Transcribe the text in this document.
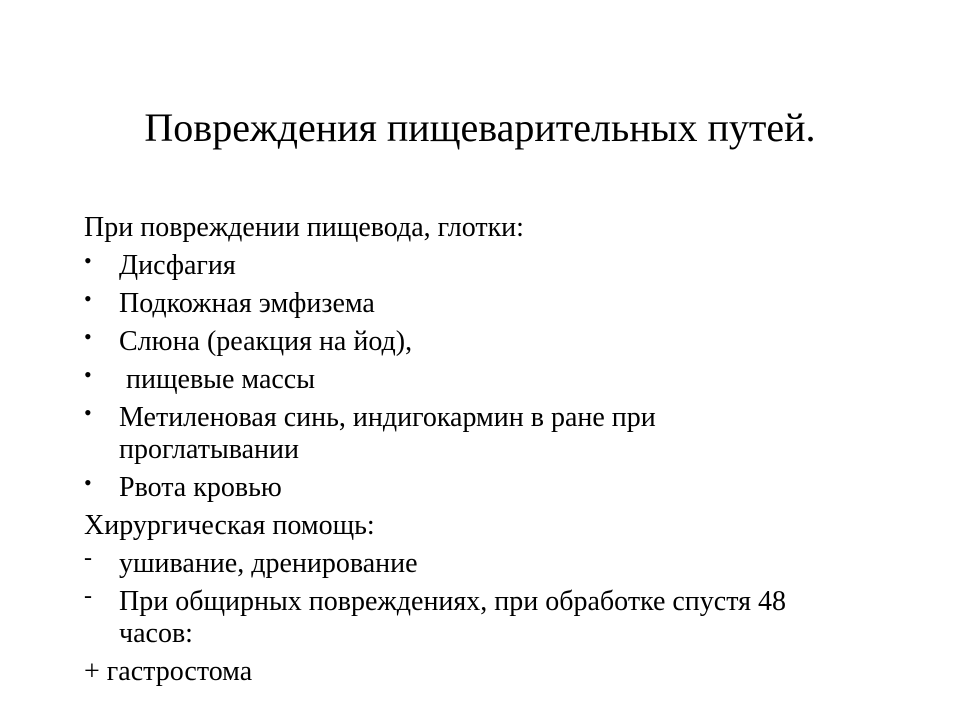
Повреждения пищеварительных путей.
При повреждении пищевода, глотки:
• Дисфагия
• Подкожная эмфизема
• Слюна (реакция на йод),
• пищевые массы
• Метиленовая синь, индигокармин в ране при проглатывании
• Рвота кровью
Хирургическая помощь:
- ушивание, дренирование
- При общирных повреждениях, при обработке спустя 48 часов:
+ гастростома
